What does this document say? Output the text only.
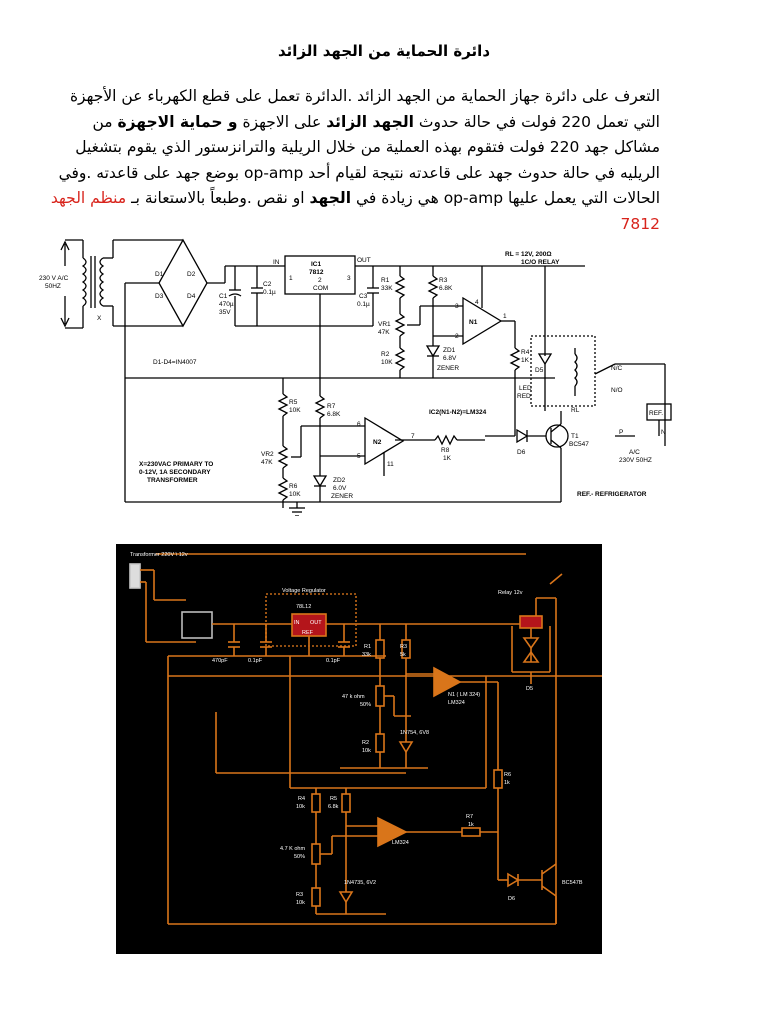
دائرة الحماية من الجهد الزائد
التعرف على دائرة جهاز الحماية من الجهد الزائد .الدائرة تعمل على قطع الكهرباء عن الأجهزة التي تعمل 220 فولت في حالة حدوث الجهد الزائد على الاجهزة و حماية الاجهزة من مشاكل جهد 220 فولت فتقوم بهذه العملية من خلال الريلية والترانزستور الذي يقوم بتشغيل الريليه في حالة حدوث جهد على قاعدته نتيجة لقيام أحد op-amp بوضع جهد على قاعدته .وفي الحالات التي يعمل عليها op-amp هي زيادة في الجهد او نقص .وطبعاً بالاستعانة بـ منظم الجهد 7812
230 V A/C
50HZ
X
D1	D2
D3	D4
D1-D4=IN4007
C1
470µ
35V
C2
0.1µ
C3
0.1µ
IC1
7812
IN	OUT
COM
1	2	3	R1
33K
R3
6.8K
VR1
47K
R2
10K
ZD1
6.8V
ZENER
N1
3
2
1
4
R4
1K
RL = 12V, 200Ω
1C/O RELAY
D5
LED
RED
N/C
N/O
RL	REF.
R5
10K
R7
6.8K
N2
6
5
7
11
IC2(N1-N2)=LM324
R8
1K
T1
BC547
D6
P	N
A/C
230V 50HZ
VR2
47K
R6
10K
ZD2
6.0V
ZENER
X=230VAC PRIMARY TO
0-12V, 1A SECONDARY
TRANSFORMER
REF.- REFRIGERATOR
Transformer 220V \ 12v
Relay 12v
Voltage Regulator
78L12
IN OUT
REF
470pF	0.1pF	0.1pF
R1
33k
R3
5k
47 k ohm
50%
R2
10k
1N754, 6V8
N1 ( LM 324)
LM324
R6
1k
R4
10k
R5
6.8k
4.7 K ohm
50%
R3
10k
1N4735, 6V2
LM324
R7
1k
D5
D6
BC547B
